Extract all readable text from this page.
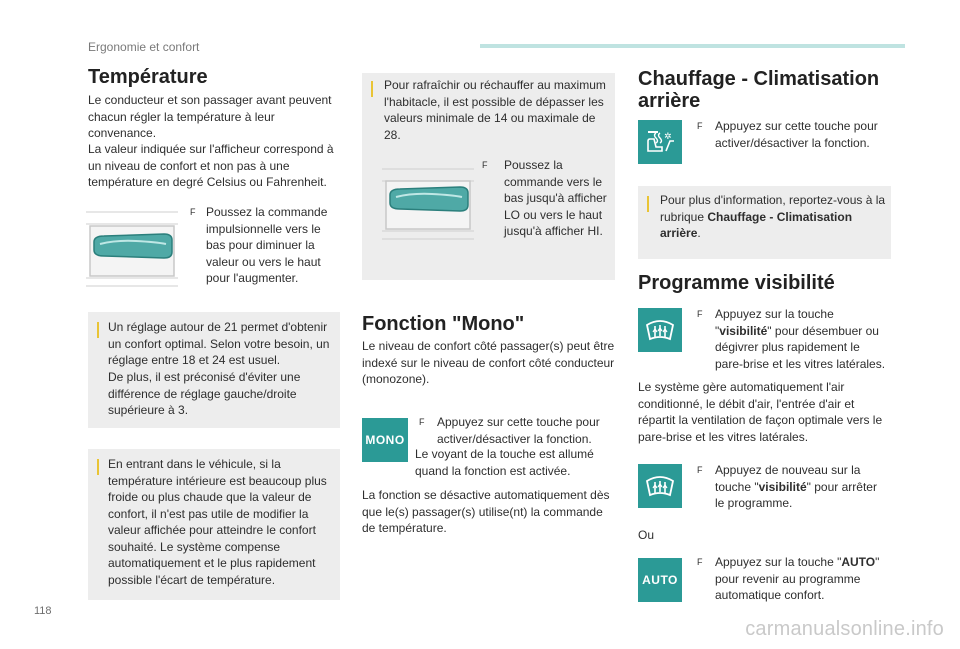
Ergonomie et confort
Température

Le conducteur et son passager avant peuvent chacun régler la température à leur convenance.

La valeur indiquée sur l'afficheur correspond à un niveau de confort et non pas à une température en degré Celsius ou Fahrenheit.

F Poussez la commande impulsionnelle vers le bas pour diminuer la valeur ou vers le haut pour l'augmenter.
Un réglage autour de 21 permet d'obtenir un confort optimal. Selon votre besoin, un réglage entre 18 et 24 est usuel.
De plus, il est préconisé d'éviter une différence de réglage gauche/droite supérieure à 3.
En entrant dans le véhicule, si la température intérieure est beaucoup plus froide ou plus chaude que la valeur de confort, il n'est pas utile de modifier la valeur affichée pour atteindre le confort souhaité. Le système compense automatiquement et le plus rapidement possible l'écart de température.
Pour rafraîchir ou réchauffer au maximum l'habitacle, il est possible de dépasser les valeurs minimale de 14 ou maximale de 28.
F	Poussez la commande vers le bas jusqu'à afficher LO ou vers le haut jusqu'à afficher HI.
Fonction "Mono"

Le niveau de confort côté passager(s) peut être indexé sur le niveau de confort côté conducteur (monozone).

MONO
F	Appuyez sur cette touche pour activer/désactiver la fonction.

Le voyant de la touche est allumé quand la fonction est activée.

La fonction se désactive automatiquement dès que le(s) passager(s) utilise(nt) la commande de température.

Chauffage - Climatisation
arrière
✲
F	Appuyez sur cette touche pour activer/désactiver la fonction.
Pour plus d'information, reportez-vous à la rubrique Chauffage - Climatisation arrière.
Programme visibilité
F	Appuyez sur la touche "visibilité" pour désembuer ou dégivrer plus rapidement le pare-brise et les vitres latérales.

Le système gère automatiquement l'air conditionné, le débit d'air, l'entrée d'air et répartit la ventilation de façon optimale vers le pare-brise et les vitres latérales.

F	Appuyez de nouveau sur la touche "visibilité" pour arrêter le programme.

Ou

AUTO
F	Appuyez sur la touche "AUTO" pour revenir au programme automatique confort.
118
carmanualsonline.info
